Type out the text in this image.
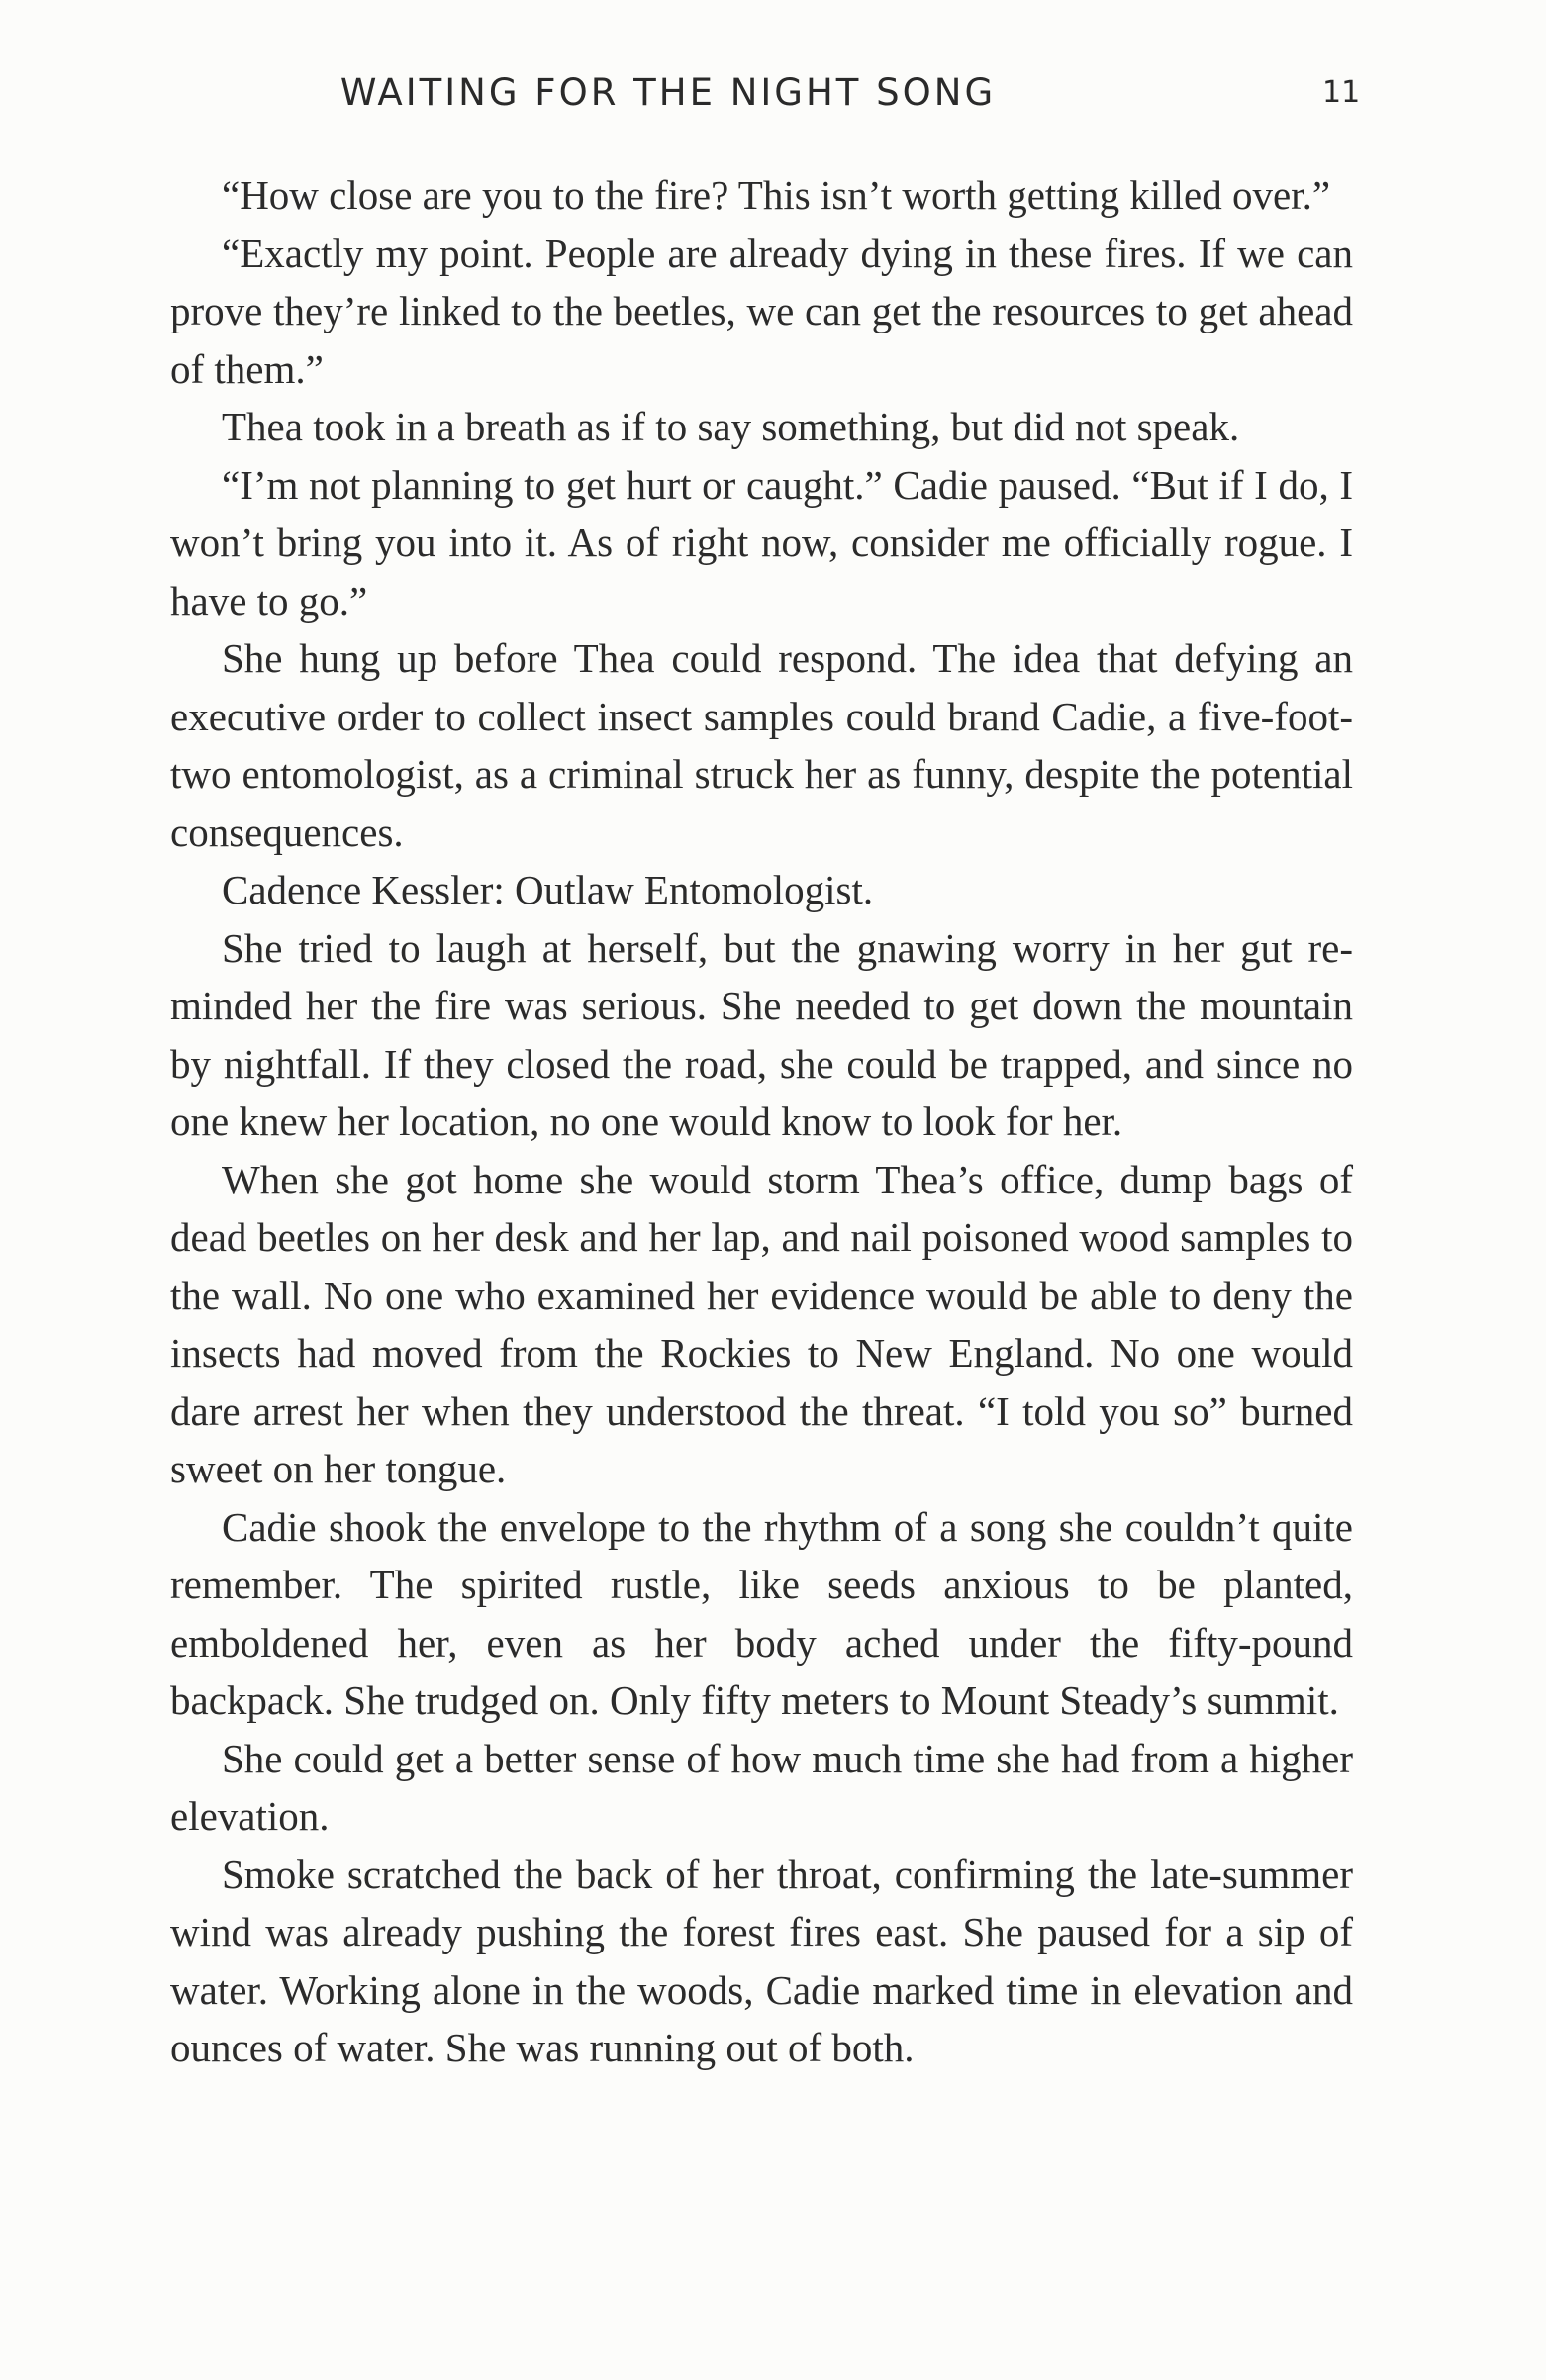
WAITING FOR THE NIGHT SONG	11

“How close are you to the fire? This isn’t worth getting killed over.”

“Exactly my point. People are already dying in these fires. If we can prove they’re linked to the beetles, we can get the resources to get ahead of them.”

Thea took in a breath as if to say something, but did not speak.

“I’m not planning to get hurt or caught.” Cadie paused. “But if I do, I won’t bring you into it. As of right now, consider me officially rogue. I have to go.”

She hung up before Thea could respond. The idea that defying an executive order to collect insect samples could brand Cadie, a five-foot-two entomologist, as a criminal struck her as funny, despite the potential consequences.

Cadence Kessler: Outlaw Entomologist.

She tried to laugh at herself, but the gnawing worry in her gut reminded her the fire was serious. She needed to get down the mountain by nightfall. If they closed the road, she could be trapped, and since no one knew her location, no one would know to look for her.

When she got home she would storm Thea’s office, dump bags of dead beetles on her desk and her lap, and nail poisoned wood samples to the wall. No one who examined her evidence would be able to deny the insects had moved from the Rockies to New England. No one would dare arrest her when they understood the threat. “I told you so” burned sweet on her tongue.

Cadie shook the envelope to the rhythm of a song she couldn’t quite remember. The spirited rustle, like seeds anxious to be planted, emboldened her, even as her body ached under the fifty-pound backpack. She trudged on. Only fifty meters to Mount Steady’s summit.

She could get a better sense of how much time she had from a higher elevation.

Smoke scratched the back of her throat, confirming the late-summer wind was already pushing the forest fires east. She paused for a sip of water. Working alone in the woods, Cadie marked time in elevation and ounces of water. She was running out of both.
